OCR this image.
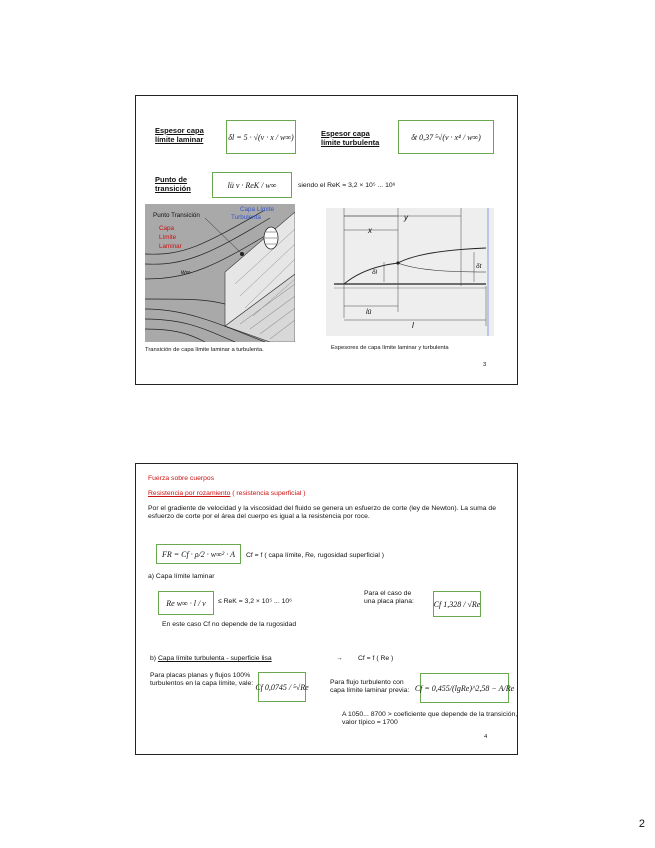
Espesor capa límite laminar	δl = 5 · √(ν · x / w∞)	Espesor capa límite turbulenta
δt 0,37 ⁵√(ν · x⁴ / w∞)
Punto de transición	lü ν · ReK / w∞	siendo el ReK = 3,2 × 10⁵ ... 10⁶
Punto Transición
Capa Límite Laminar
Capa Límite Turbulenta
w∞
Transición de capa límite laminar a turbulenta.
x
y
δl
δt
lü
l
Espesores de capa límite laminar y turbulenta
3
Fuerza sobre cuerpos
Resistencia por rozamiento ( resistencia superficial )
Por el gradiente de velocidad y la viscosidad del fluido se genera un esfuerzo de corte (ley de Newton). La suma de esfuerzo de corte por el área del cuerpo es igual a la resistencia por roce.
FR = Cf · ρ/2 · w∞² · A	Cf = f ( capa límite, Re, rugosidad superficial )
a) Capa límite laminar
Re w∞ · l / ν	≤ ReK = 3,2 × 10⁵ ... 10⁶
Para el caso de una placa plana:	Cf 1,328 / √Re
En este caso Cf no depende de la rugosidad
b) Capa límite turbulenta - superficie lisa	→ Cf = f ( Re )
Para placas planas y flujos 100% turbulentos en la capa límite, vale: Cf 0,0745 / ⁵√Re	Para flujo turbulento con capa límite laminar previa: Cf = 0,455/(lgRe)^2,58 − A/Re
A 1050... 8700 > coeficiente que depende de la transición, valor típico = 1700
4
2
